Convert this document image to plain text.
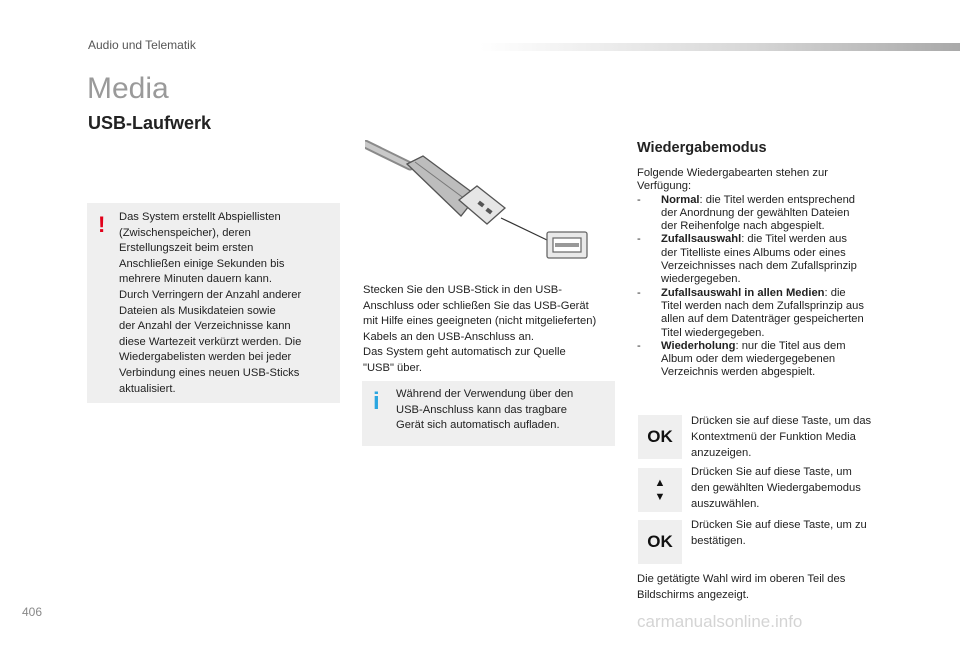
Audio und Telematik
Media
USB-Laufwerk
! Das System erstellt Abspiellisten

(Zwischenspeicher), deren

Erstellungszeit beim ersten

Anschließen einige Sekunden bis

mehrere Minuten dauern kann.

Durch Verringern der Anzahl anderer

Dateien als Musikdateien sowie

der Anzahl der Verzeichnisse kann

diese Wartezeit verkürzt werden. Die

Wiedergabelisten werden bei jeder

Verbindung eines neuen USB-Sticks

aktualisiert.

Stecken Sie den USB-Stick in den USB-

Anschluss oder schließen Sie das USB-Gerät

mit Hilfe eines geeigneten (nicht mitgelieferten)

Kabels an den USB-Anschluss an.

Das System geht automatisch zur Quelle

"USB" über.

i Während der Verwendung über den

USB-Anschluss kann das tragbare

Gerät sich automatisch aufladen.

Wiedergabemodus

Folgende Wiedergabearten stehen zur

Verfügung:

- Normal: die Titel werden entsprechend
der Anordnung der gewählten Dateien
der Reihenfolge nach abgespielt.
- Zufallsauswahl: die Titel werden aus
der Titelliste eines Albums oder eines
Verzeichnisses nach dem Zufallsprinzip
wiedergegeben.
- Zufallsauswahl in allen Medien: die
Titel werden nach dem Zufallsprinzip aus
allen auf dem Datenträger gespeicherten
Titel wiedergegeben.
- Wiederholung: nur die Titel aus dem
Album oder dem wiedergegebenen
Verzeichnis werden abgespielt.
OK

Drücken sie auf diese Taste, um das

Kontextmenü der Funktion Media

anzuzeigen.

▲
▼

Drücken Sie auf diese Taste, um

den gewählten Wiedergabemodus

auszuwählen.

OK

Drücken Sie auf diese Taste, um zu

bestätigen.

Die getätigte Wahl wird im oberen Teil des

Bildschirms angezeigt.

406	carmanualsonline.info
